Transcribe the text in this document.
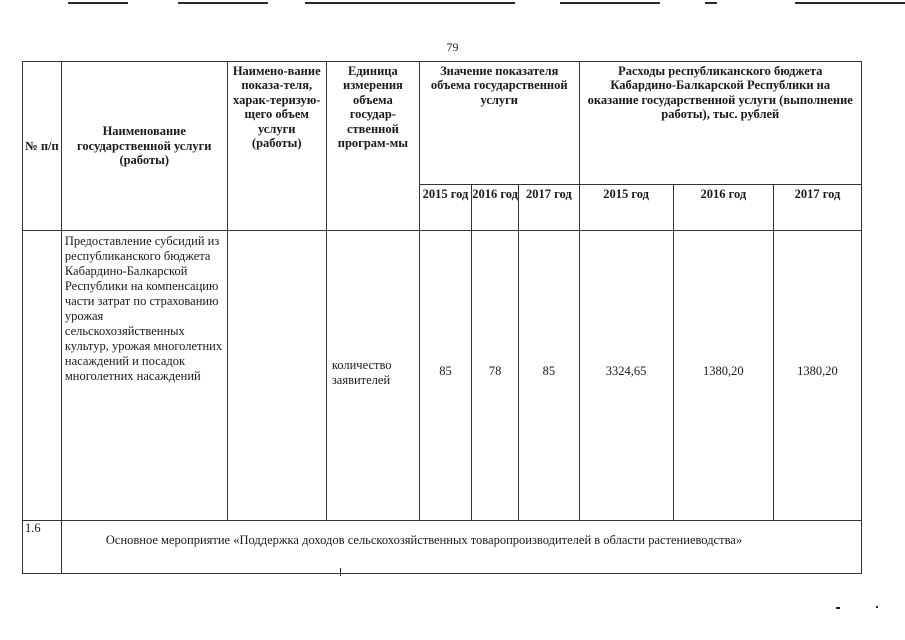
79
№ п/п	Наименование государственной услуги (работы)	Наимено-вание показа-теля, харак-теризую-щего объем услуги (работы)	Единица измерения объема государ-ственной програм-мы	Значение показателя объема государственной услуги			Расходы республиканского бюджета Кабардино-Балкарской Республики на оказание государственной услуги (выполнение работы), тыс. рублей		
				2015 год	2016 год	2017 год	2015 год	2016 год	2017 год
	Предоставление субсидий из республиканского бюджета Кабардино-Балкарской Республики на компенсацию части затрат по страхованию урожая сельскохозяйственных культур, урожая многолетних насаждений и посадок многолетних насаждений		количество заявителей	85	78	85	3324,65	1380,20	1380,20
1.6	Основное мероприятие «Поддержка доходов сельскохозяйственных товаропроизводителей в области растениеводства»								
